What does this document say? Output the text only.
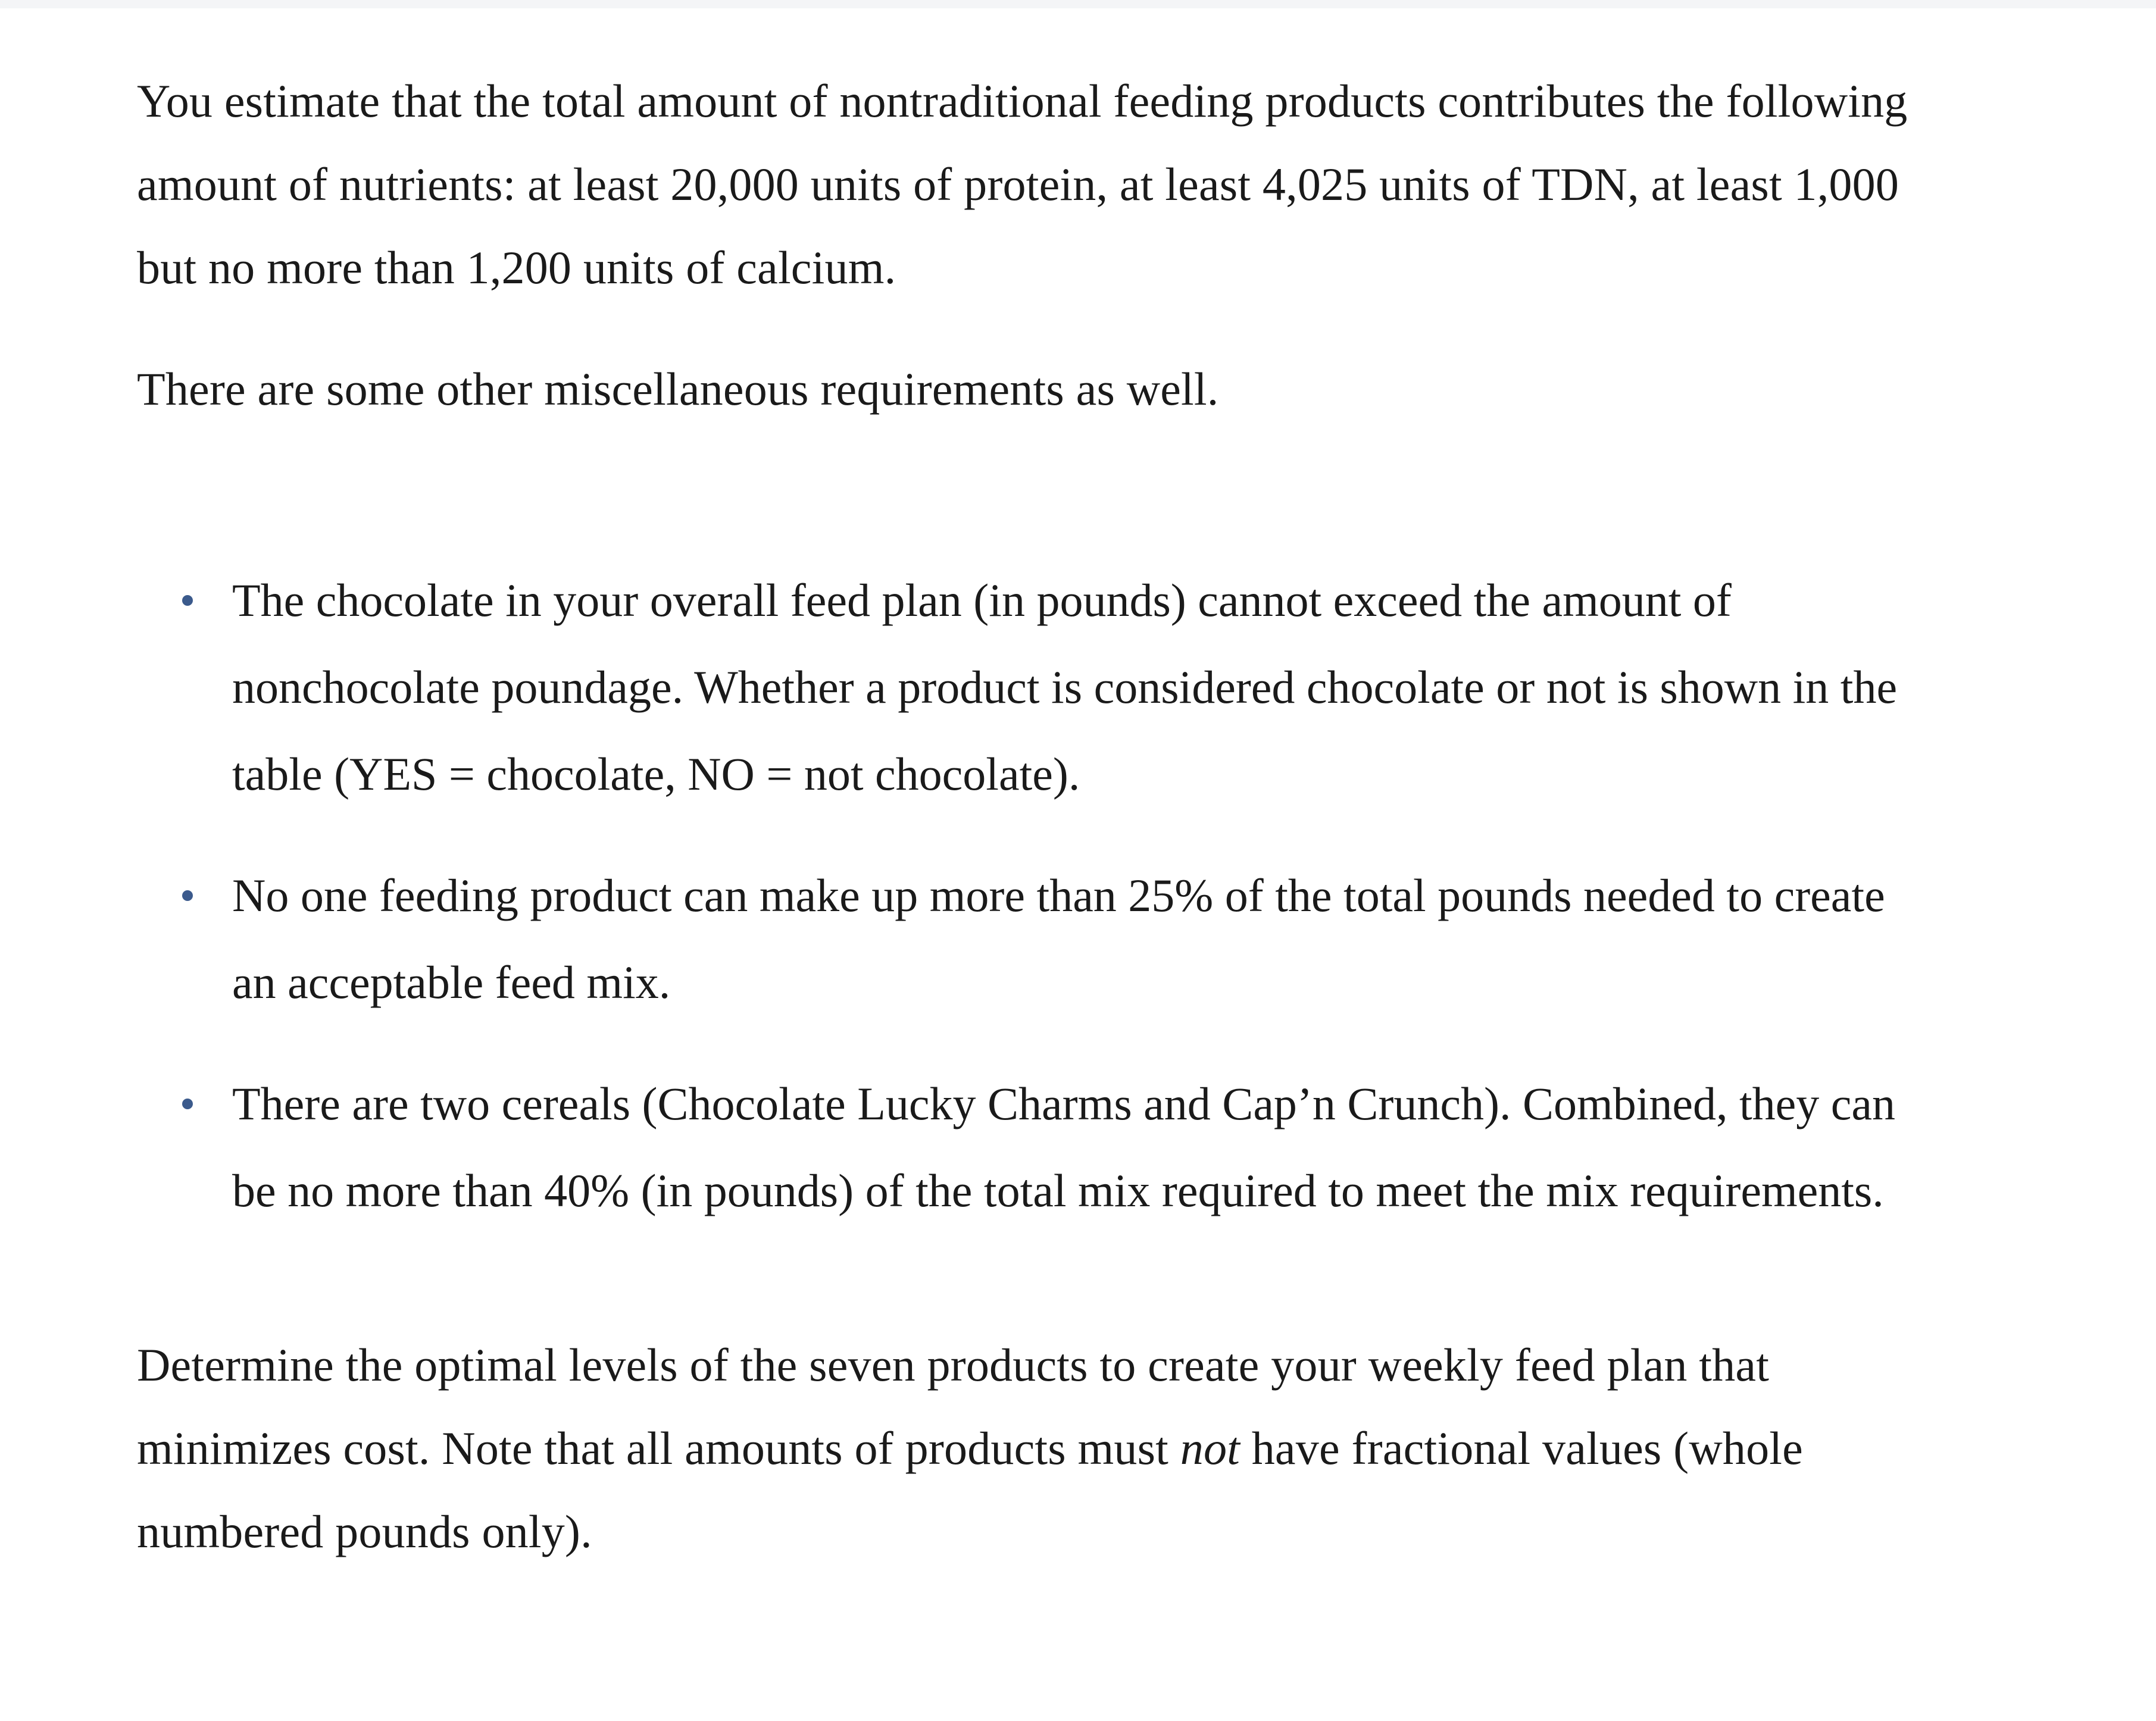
You estimate that the total amount of nontraditional feeding products contributes the following amount of nutrients: at least 20,000 units of protein, at least 4,025 units of TDN, at least 1,000 but no more than 1,200 units of calcium.

There are some other miscellaneous requirements as well.

The chocolate in your overall feed plan (in pounds) cannot exceed the amount of nonchocolate poundage. Whether a product is considered chocolate or not is shown in the table (YES = chocolate, NO = not chocolate).
No one feeding product can make up more than 25% of the total pounds needed to create an acceptable feed mix.
There are two cereals (Chocolate Lucky Charms and Cap’n Crunch). Combined, they can be no more than 40% (in pounds) of the total mix required to meet the mix requirements.

Determine the optimal levels of the seven products to create your weekly feed plan that minimizes cost. Note that all amounts of products must not have fractional values (whole numbered pounds only).
